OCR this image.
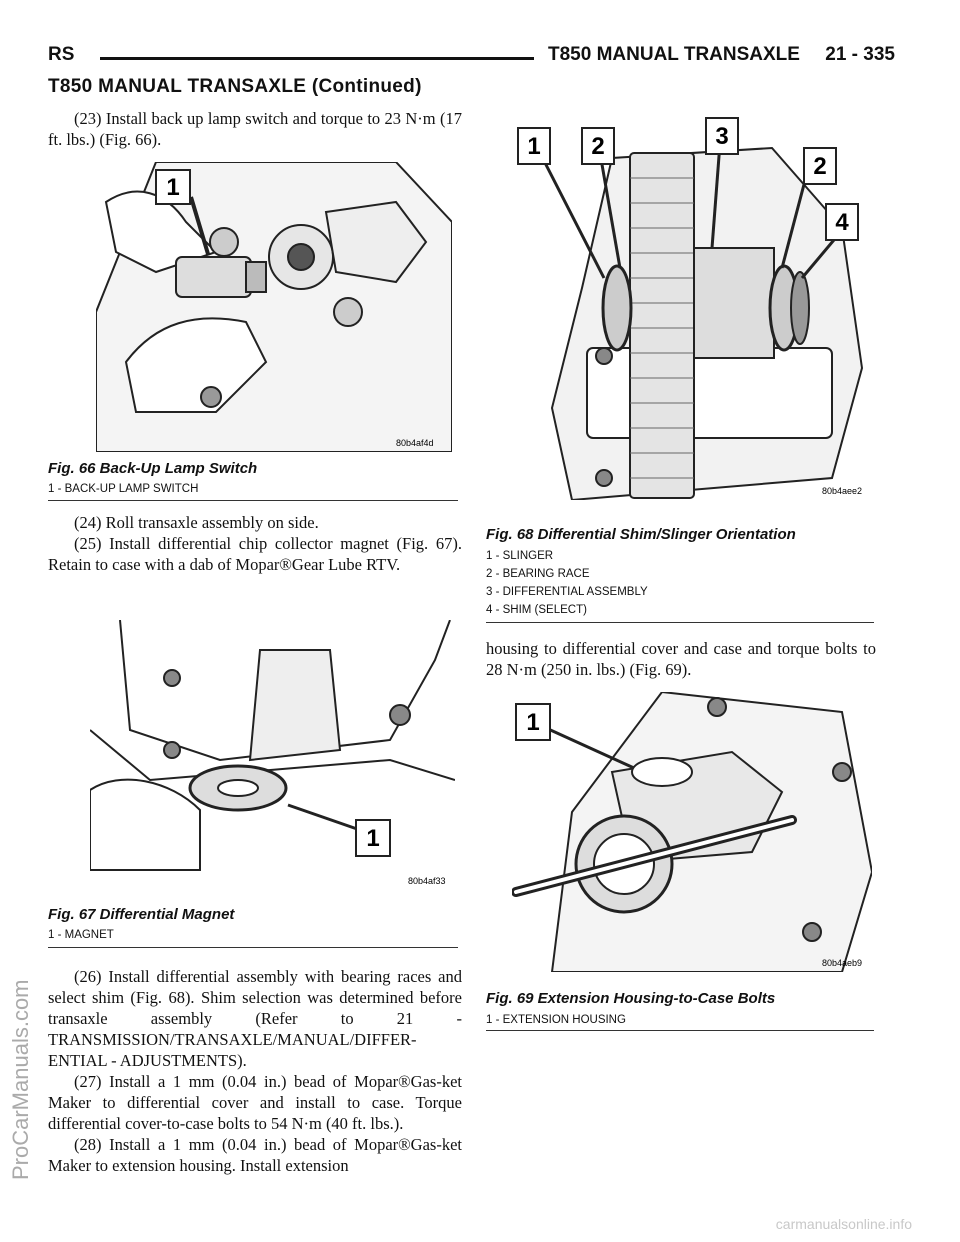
RS	T850 MANUAL TRANSAXLE 21 - 335
T850 MANUAL TRANSAXLE (Continued)

(23) Install back up lamp switch and torque to 23 N·m (17 ft. lbs.) (Fig. 66).

1
80b4af4d
Fig. 66 Back-Up Lamp Switch
1 - BACK-UP LAMP SWITCH

(24) Roll transaxle assembly on side.

(25) Install differential chip collector magnet (Fig. 67). Retain to case with a dab of Mopar®Gear Lube RTV.

1
80b4af33
Fig. 67 Differential Magnet
1 - MAGNET

(26) Install differential assembly with bearing races and select shim (Fig. 68). Shim selection was determined before transaxle assembly (Refer to 21 - TRANSMISSION/TRANSAXLE/MANUAL/DIFFER-ENTIAL - ADJUSTMENTS).

(27) Install a 1 mm (0.04 in.) bead of Mopar®Gas-ket Maker to differential cover and install to case. Torque differential cover-to-case bolts to 54 N·m (40 ft. lbs.).

(28) Install a 1 mm (0.04 in.) bead of Mopar®Gas-ket Maker to extension housing. Install extension

1 2	3
2
4
80b4aee2
Fig. 68 Differential Shim/Slinger Orientation
1 - SLINGER
2 - BEARING RACE
3 - DIFFERENTIAL ASSEMBLY
4 - SHIM (SELECT)

housing to differential cover and case and torque bolts to 28 N·m (250 in. lbs.) (Fig. 69).

1
80b4aeb9
Fig. 69 Extension Housing-to-Case Bolts
1 - EXTENSION HOUSING
ProCarManuals.com
carmanualsonline.info
